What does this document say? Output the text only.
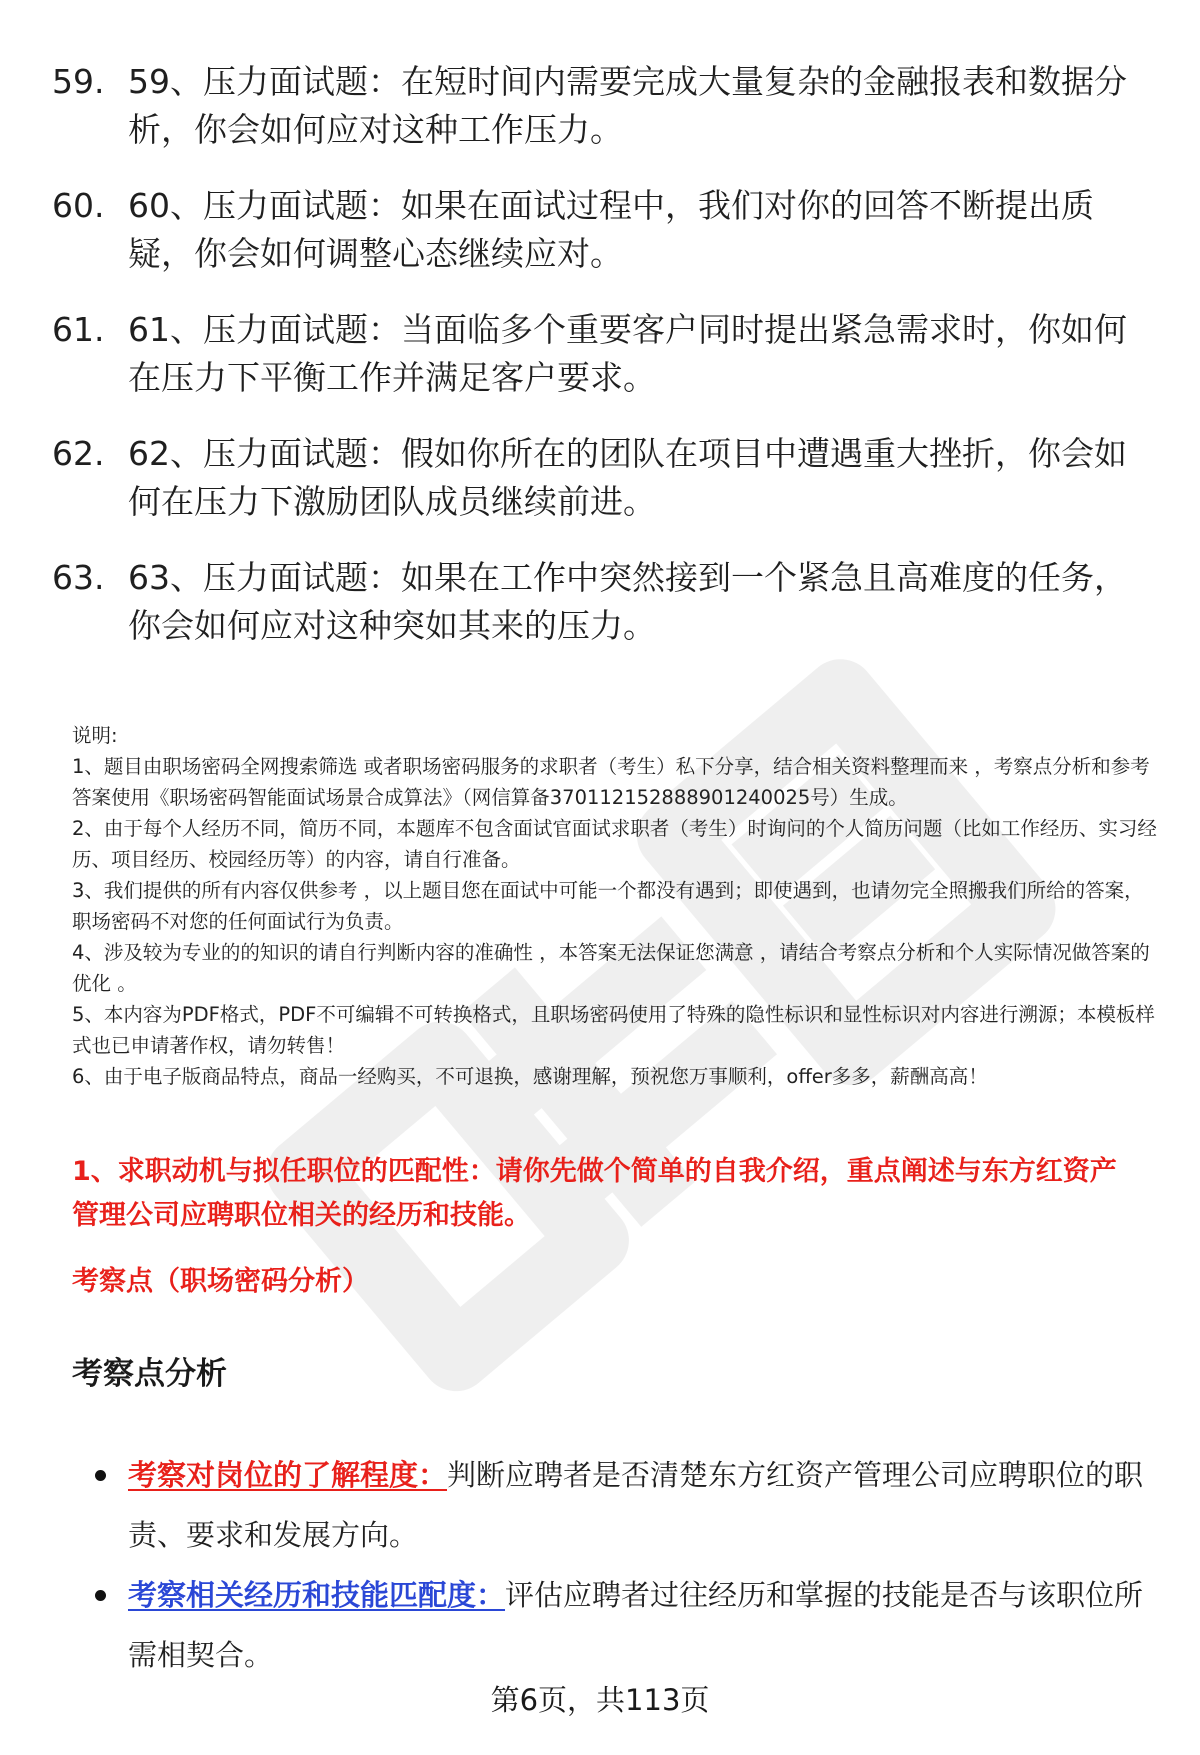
59. 59、压力面试题：在短时间内需要完成大量复杂的金融报表和数据分析，你会如何应对这种工作压力。
60. 60、压力面试题：如果在面试过程中，我们对你的回答不断提出质疑，你会如何调整心态继续应对。
61. 61、压力面试题：当面临多个重要客户同时提出紧急需求时，你如何在压力下平衡工作并满足客户要求。
62. 62、压力面试题：假如你所在的团队在项目中遭遇重大挫折，你会如何在压力下激励团队成员继续前进。
63. 63、压力面试题：如果在工作中突然接到一个紧急且高难度的任务，你会如何应对这种突如其来的压力。

说明:

1、题目由职场密码全网搜索筛选 或者职场密码服务的求职者（考生）私下分享，结合相关资料整理而来 ，考察点分析和参考答案使用《职场密码智能面试场景合成算法》（网信算备370112152888901240025号）生成。

2、由于每个人经历不同，简历不同，本题库不包含面试官面试求职者（考生）时询问的个人简历问题（比如工作经历、实习经历、项目经历、校园经历等）的内容，请自行准备。

3、我们提供的所有内容仅供参考 ，以上题目您在面试中可能一个都没有遇到；即使遇到，也请勿完全照搬我们所给的答案，职场密码不对您的任何面试行为负责。

4、涉及较为专业的的知识的请自行判断内容的准确性 ，本答案无法保证您满意 ，请结合考察点分析和个人实际情况做答案的优化 。

5、本内容为PDF格式，PDF不可编辑不可转换格式，且职场密码使用了特殊的隐性标识和显性标识对内容进行溯源；本模板样式也已申请著作权，请勿转售！

6、由于电子版商品特点，商品一经购买，不可退换，感谢理解，预祝您万事顺利，offer多多，薪酬高高！

1、求职动机与拟任职位的匹配性：请你先做个简单的自我介绍，重点阐述与东方红资产管理公司应聘职位相关的经历和技能。
考察点（职场密码分析）
考察点分析
考察对岗位的了解程度：判断应聘者是否清楚东方红资产管理公司应聘职位的职责、要求和发展方向。
考察相关经历和技能匹配度：评估应聘者过往经历和掌握的技能是否与该职位所需相契合。
第6页，共113页
